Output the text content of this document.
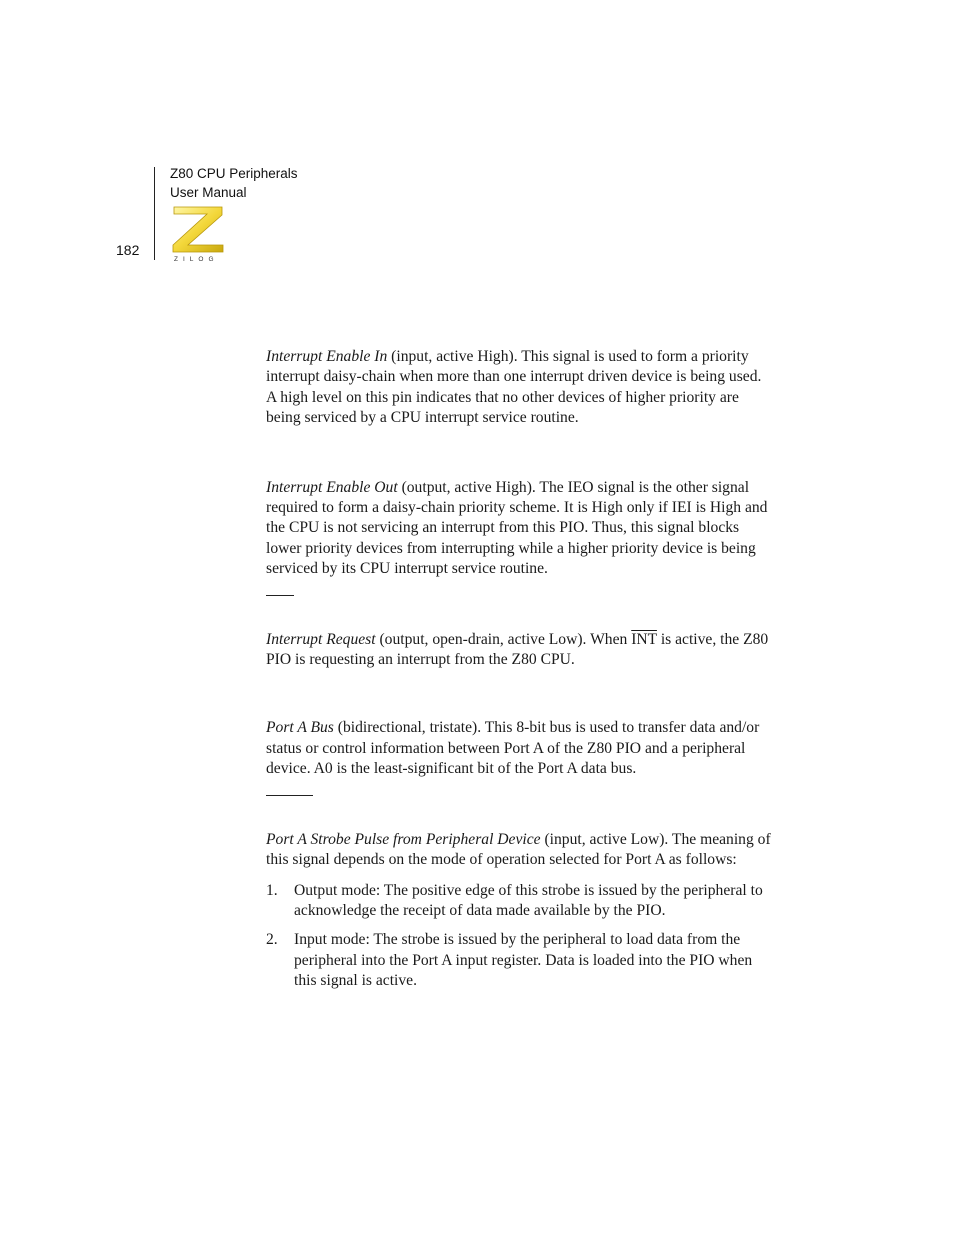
Z80 CPU Peripherals
User Manual
182
ZILOG

Interrupt Enable In (input, active High). This signal is used to form a priority interrupt daisy-chain when more than one interrupt driven device is being used. A high level on this pin indicates that no other devices of higher priority are being serviced by a CPU interrupt service routine.

Interrupt Enable Out (output, active High). The IEO signal is the other signal required to form a daisy-chain priority scheme. It is High only if IEI is High and the CPU is not servicing an interrupt from this PIO. Thus, this signal blocks lower priority devices from interrupting while a higher priority device is being serviced by its CPU interrupt service routine.

Interrupt Request (output, open-drain, active Low). When $\overline{INT}$ is active, the Z80 PIO is requesting an interrupt from the Z80 CPU.

Port A Bus (bidirectional, tristate). This 8-bit bus is used to transfer data and/or status or control information between Port A of the Z80 PIO and a peripheral device. A0 is the least-significant bit of the Port A data bus.

Port A Strobe Pulse from Peripheral Device (input, active Low). The meaning of this signal depends on the mode of operation selected for Port A as follows:

1. Output mode: The positive edge of this strobe is issued by the peripheral to acknowledge the receipt of data made available by the PIO.
2. Input mode: The strobe is issued by the peripheral to load data from the peripheral into the Port A input register. Data is loaded into the PIO when this signal is active.
